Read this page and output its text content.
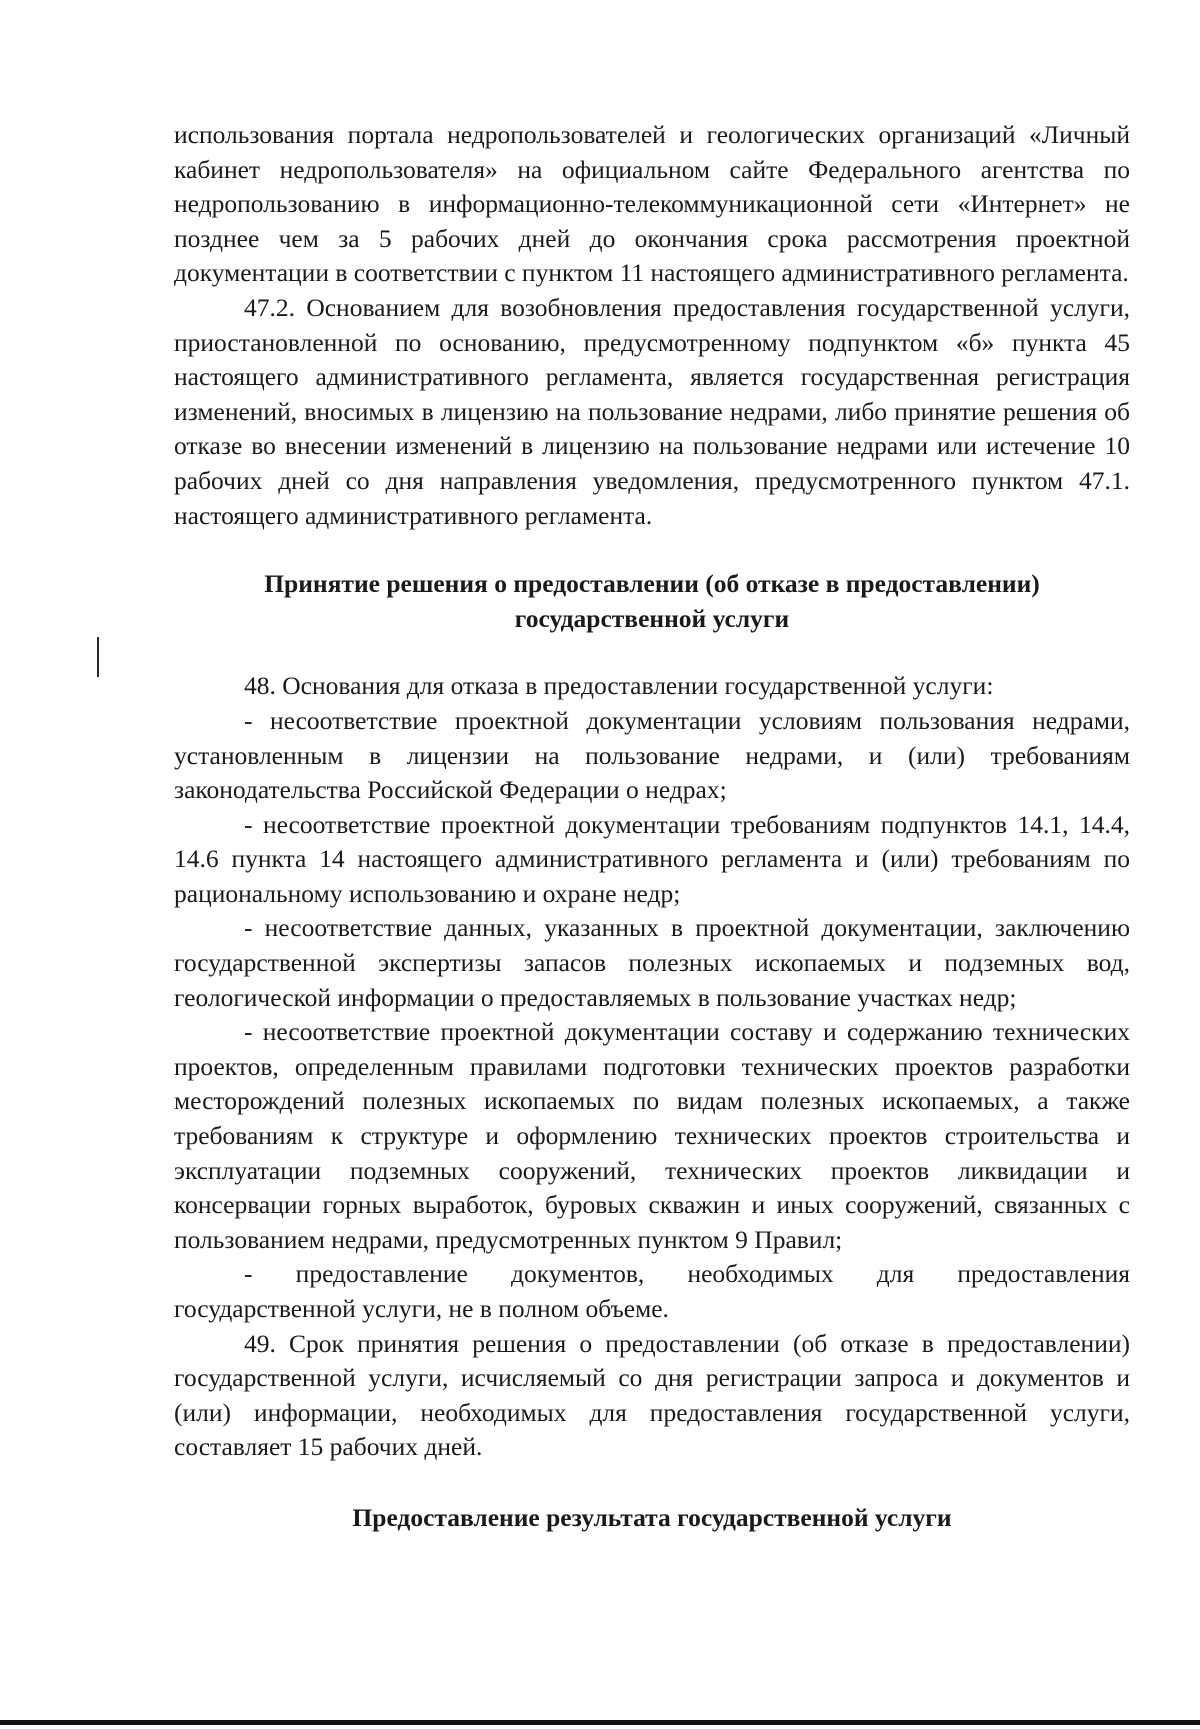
использования портала недропользователей и геологических организаций «Личный кабинет недропользователя» на официальном сайте Федерального агентства по недропользованию в информационно-телекоммуникационной сети «Интернет» не позднее чем за 5 рабочих дней до окончания срока рассмотрения проектной документации в соответствии с пунктом 11 настоящего административного регламента.

47.2. Основанием для возобновления предоставления государственной услуги, приостановленной по основанию, предусмотренному подпунктом «б» пункта 45 настоящего административного регламента, является государственная регистрация изменений, вносимых в лицензию на пользование недрами, либо принятие решения об отказе во внесении изменений в лицензию на пользование недрами или истечение 10 рабочих дней со дня направления уведомления, предусмотренного пунктом 47.1. настоящего административного регламента.

Принятие решения о предоставлении (об отказе в предоставлении)
государственной услуги

48. Основания для отказа в предоставлении государственной услуги:

- несоответствие проектной документации условиям пользования недрами, установленным в лицензии на пользование недрами, и (или) требованиям законодательства Российской Федерации о недрах;

- несоответствие проектной документации требованиям подпунктов 14.1, 14.4, 14.6 пункта 14 настоящего административного регламента и (или) требованиям по рациональному использованию и охране недр;

- несоответствие данных, указанных в проектной документации, заключению государственной экспертизы запасов полезных ископаемых и подземных вод, геологической информации о предоставляемых в пользование участках недр;

- несоответствие проектной документации составу и содержанию технических проектов, определенным правилами подготовки технических проектов разработки месторождений полезных ископаемых по видам полезных ископаемых, а также требованиям к структуре и оформлению технических проектов строительства и эксплуатации подземных сооружений, технических проектов ликвидации и консервации горных выработок, буровых скважин и иных сооружений, связанных с пользованием недрами, предусмотренных пунктом 9 Правил;

- предоставление документов, необходимых для предоставления государственной услуги, не в полном объеме.

49. Срок принятия решения о предоставлении (об отказе в предоставлении) государственной услуги, исчисляемый со дня регистрации запроса и документов и (или) информации, необходимых для предоставления государственной услуги, составляет 15 рабочих дней.

Предоставление результата государственной услуги
